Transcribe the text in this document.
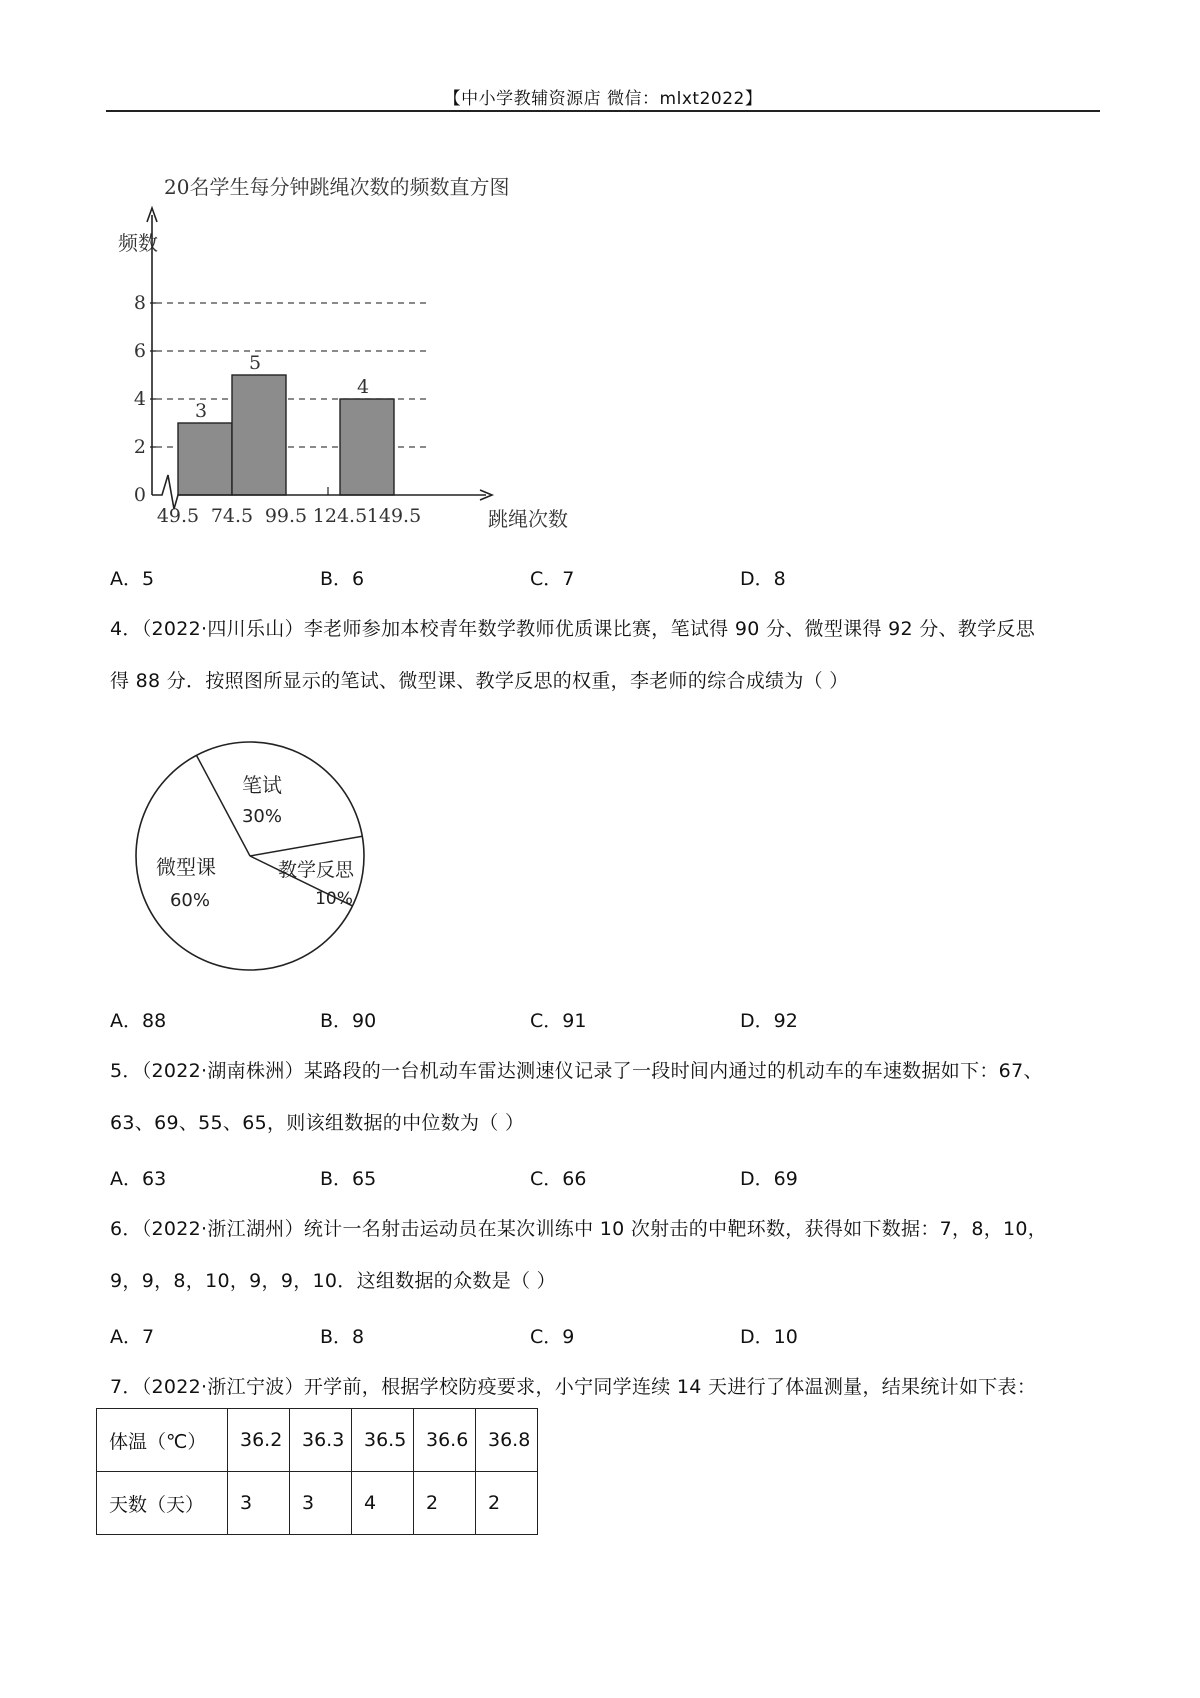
【中小学教辅资源店 微信：mlxt2022】
20名学生每分钟跳绳次数的频数直方图
频数
跳绳次数
3
5
4
0
2
4
6
8
49.5 74.5 99.5 124.5 149.5
A．5	B．6	C．7	D．8
4．（2022·四川乐山）李老师参加本校青年数学教师优质课比赛，笔试得 90 分、微型课得 92 分、教学反思
得 88 分．按照图所显示的笔试、微型课、教学反思的权重，李老师的综合成绩为（ ）
笔试
30%
教学反思
10%
微型课
60%
A．88	B．90	C．91	D．92
5．（2022·湖南株洲）某路段的一台机动车雷达测速仪记录了一段时间内通过的机动车的车速数据如下：67、
63、69、55、65，则该组数据的中位数为（ ）
A．63	B．65	C．66	D．69
6．（2022·浙江湖州）统计一名射击运动员在某次训练中 10 次射击的中靶环数，获得如下数据：7，8，10，
9，9，8，10，9，9，10．这组数据的众数是（ ）
A．7	B．8	C．9	D．10
7．（2022·浙江宁波）开学前，根据学校防疫要求，小宁同学连续 14 天进行了体温测量，结果统计如下表：
体温（℃）	36.2	36.3	36.5	36.6	36.8
天数（天）	3	3	4	2	2
